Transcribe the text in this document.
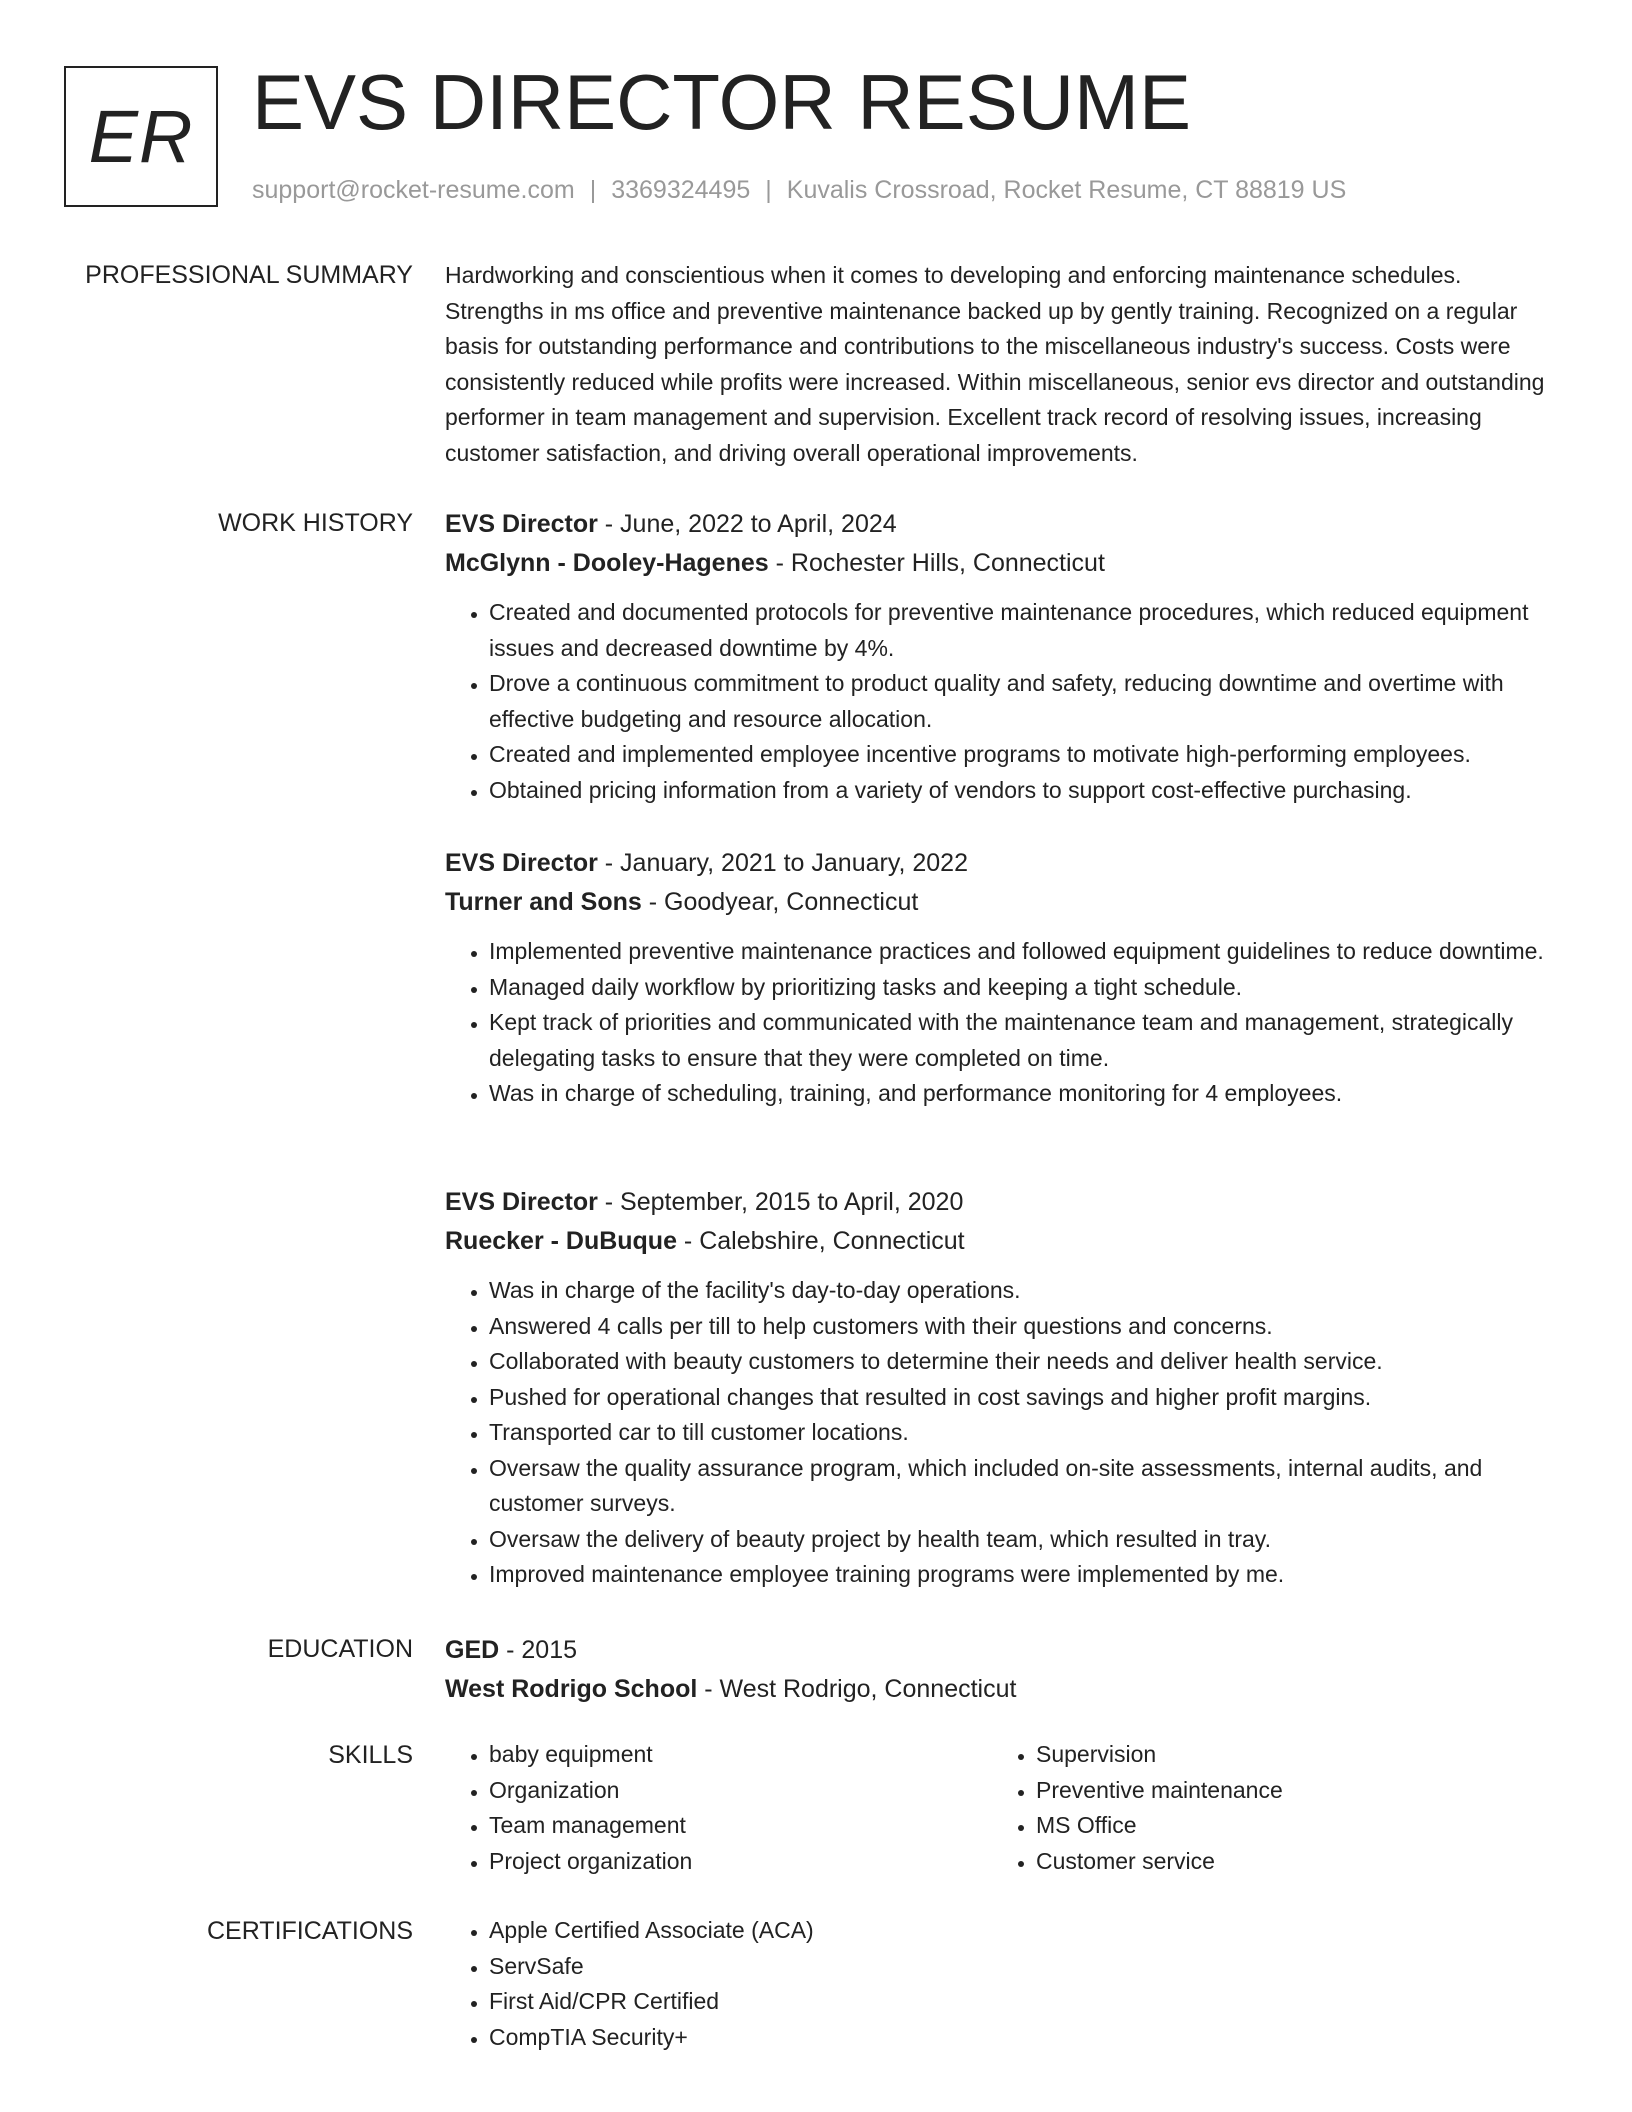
ER EVS DIRECTOR RESUME
support@rocket-resume.com | 3369324495 | Kuvalis Crossroad, Rocket Resume, CT 88819 US
PROFESSIONAL SUMMARY Hardworking and conscientious when it comes to developing and enforcing maintenance schedules. Strengths in ms office and preventive maintenance backed up by gently training. Recognized on a regular basis for outstanding performance and contributions to the miscellaneous industry's success. Costs were consistently reduced while profits were increased. Within miscellaneous, senior evs director and outstanding performer in team management and supervision. Excellent track record of resolving issues, increasing customer satisfaction, and driving overall operational improvements.

WORK HISTORY EVS Director - June, 2022 to April, 2024
McGlynn - Dooley-Hagenes - Rochester Hills, Connecticut
• Created and documented protocols for preventive maintenance procedures, which reduced equipment issues and decreased downtime by 4%.
• Drove a continuous commitment to product quality and safety, reducing downtime and overtime with effective budgeting and resource allocation.
• Created and implemented employee incentive programs to motivate high-performing employees.
• Obtained pricing information from a variety of vendors to support cost-effective purchasing.
EVS Director - January, 2021 to January, 2022
Turner and Sons - Goodyear, Connecticut
• Implemented preventive maintenance practices and followed equipment guidelines to reduce downtime.
• Managed daily workflow by prioritizing tasks and keeping a tight schedule.
• Kept track of priorities and communicated with the maintenance team and management, strategically delegating tasks to ensure that they were completed on time.
• Was in charge of scheduling, training, and performance monitoring for 4 employees.
EVS Director - September, 2015 to April, 2020
Ruecker - DuBuque - Calebshire, Connecticut
• Was in charge of the facility's day-to-day operations.
• Answered 4 calls per till to help customers with their questions and concerns.
• Collaborated with beauty customers to determine their needs and deliver health service.
• Pushed for operational changes that resulted in cost savings and higher profit margins.
• Transported car to till customer locations.
• Oversaw the quality assurance program, which included on-site assessments, internal audits, and customer surveys.
• Oversaw the delivery of beauty project by health team, which resulted in tray.
• Improved maintenance employee training programs were implemented by me.
EDUCATION GED - 2015
West Rodrigo School - West Rodrigo, Connecticut
SKILLS	• baby equipment
• Organization
• Team management
• Project organization
• Supervision
• Preventive maintenance
• MS Office
• Customer service
CERTIFICATIONS	• Apple Certified Associate (ACA)
• ServSafe
• First Aid/CPR Certified
• CompTIA Security+
